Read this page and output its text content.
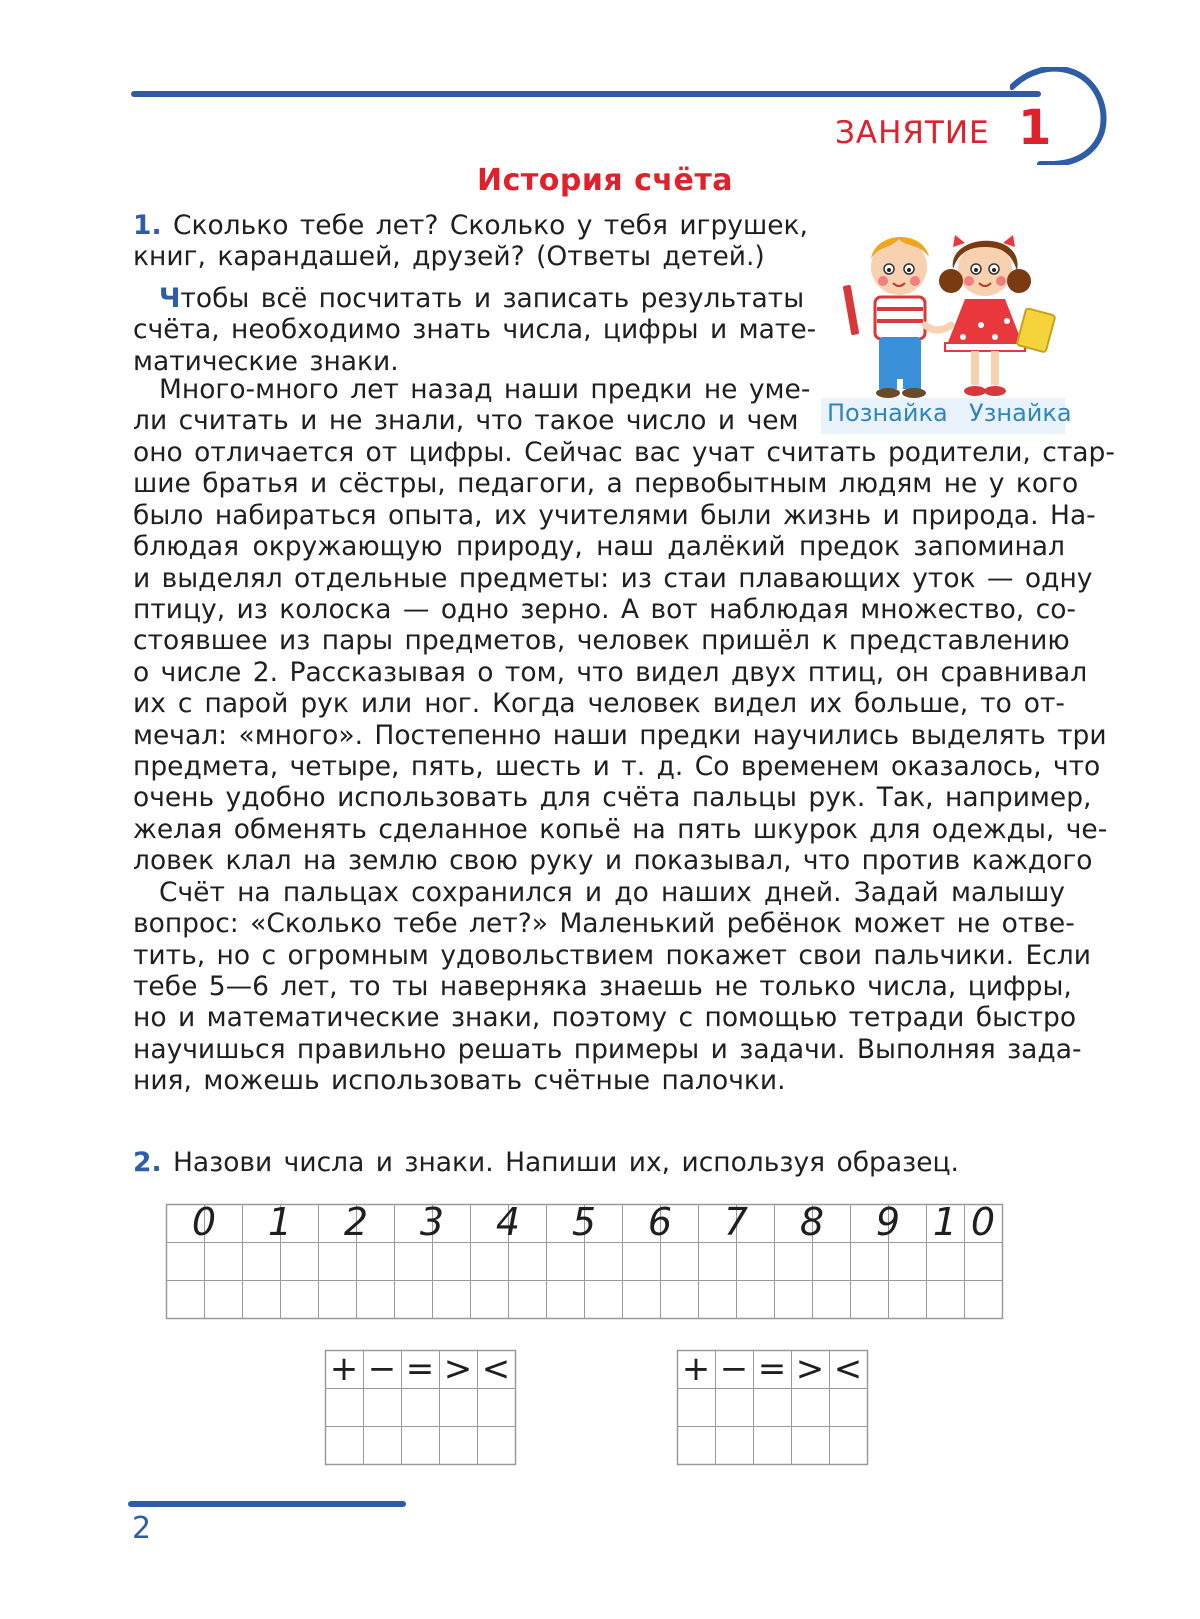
ЗАНЯТИЕ 1
История счёта
1. Сколько тебе лет? Сколько у тебя игрушек,
книг, карандашей, друзей? (Ответы детей.)
Чтобы всё посчитать и записать результаты
счёта, необходимо знать числа, цифры и мате-
матические знаки.
Много-много лет назад наши предки не уме-
ли считать и не знали, что такое число и чем
оно отличается от цифры. Сейчас вас учат считать родители, стар-
шие братья и сёстры, педагоги, а первобытным людям не у кого
было набираться опыта, их учителями были жизнь и природа. На-
блюдая окружающую природу, наш далёкий предок запоминал
и выделял отдельные предметы: из стаи плавающих уток — одну
птицу, из колоска — одно зерно. А вот наблюдая множество, со-
стоявшее из пары предметов, человек пришёл к представлению
о числе 2. Рассказывая о том, что видел двух птиц, он сравнивал
их с парой рук или ног. Когда человек видел их больше, то от-
мечал: «много». Постепенно наши предки научились выделять три
предмета, четыре, пять, шесть и т. д. Со временем оказалось, что
очень удобно использовать для счёта пальцы рук. Так, например,
желая обменять сделанное копьё на пять шкурок для одежды, че-
ловек клал на землю свою руку и показывал, что против каждого
Счёт на пальцах сохранился и до наших дней. Задай малышу
вопрос: «Сколько тебе лет?» Маленький ребёнок может не отве-
тить, но с огромным удовольствием покажет свои пальчики. Если
тебе 5—6 лет, то ты наверняка знаешь не только числа, цифры,
но и математические знаки, поэтому с помощью тетради быстро
научишься правильно решать примеры и задачи. Выполняя зада-
ния, можешь использовать счётные палочки.
Познайка Узнайка
2. Назови числа и знаки. Напиши их, используя образец.
0 1 2 3 4 5 6 7 8 9 1 0
+ − = > <	+ − = > <
2
